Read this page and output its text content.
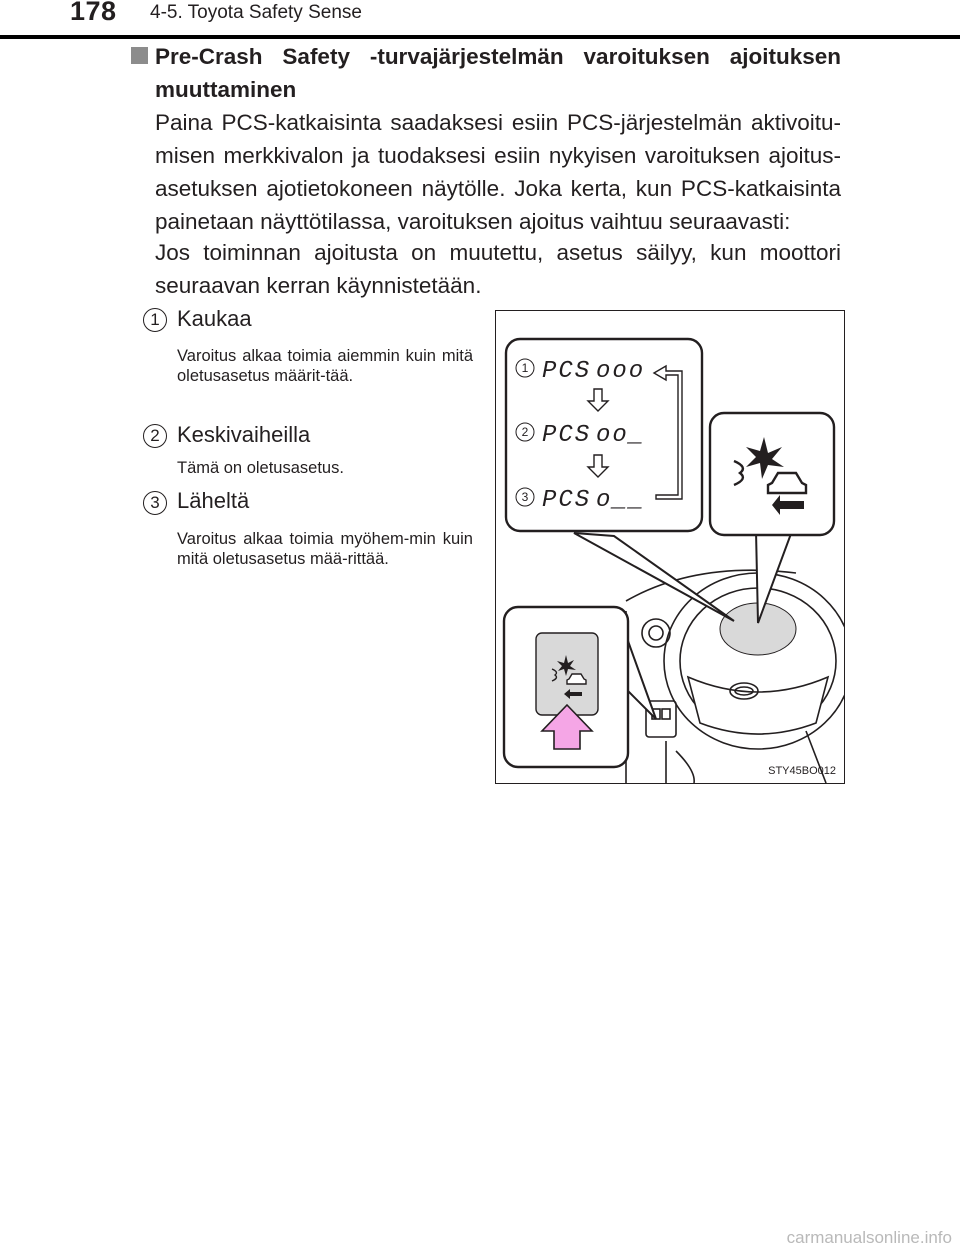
178 4-5. Toyota Safety Sense
Pre-Crash Safety -turvajärjestelmän varoituksen ajoituksen muuttaminen
Paina PCS-katkaisinta saadaksesi esiin PCS-järjestelmän aktivoitu-misen merkkivalon ja tuodaksesi esiin nykyisen varoituksen ajoitus-asetuksen ajotietokoneen näytölle. Joka kerta, kun PCS-katkaisinta painetaan näyttötilassa, varoituksen ajoitus vaihtuu seuraavasti:
Jos toiminnan ajoitusta on muutettu, asetus säilyy, kun moottori seuraavan kerran käynnistetään.
1 Kaukaa
Varoitus alkaa toimia aiemmin kuin mitä oletusasetus määrit-tää.
2 Keskivaiheilla
Tämä on oletusasetus.
3 Läheltä
Varoitus alkaa toimia myöhem-min kuin mitä oletusasetus mää-rittää.
1
2
3
PCS
PCS
PCS
ooo
oo_
o__
STY45BO012
carmanualsonline.info
